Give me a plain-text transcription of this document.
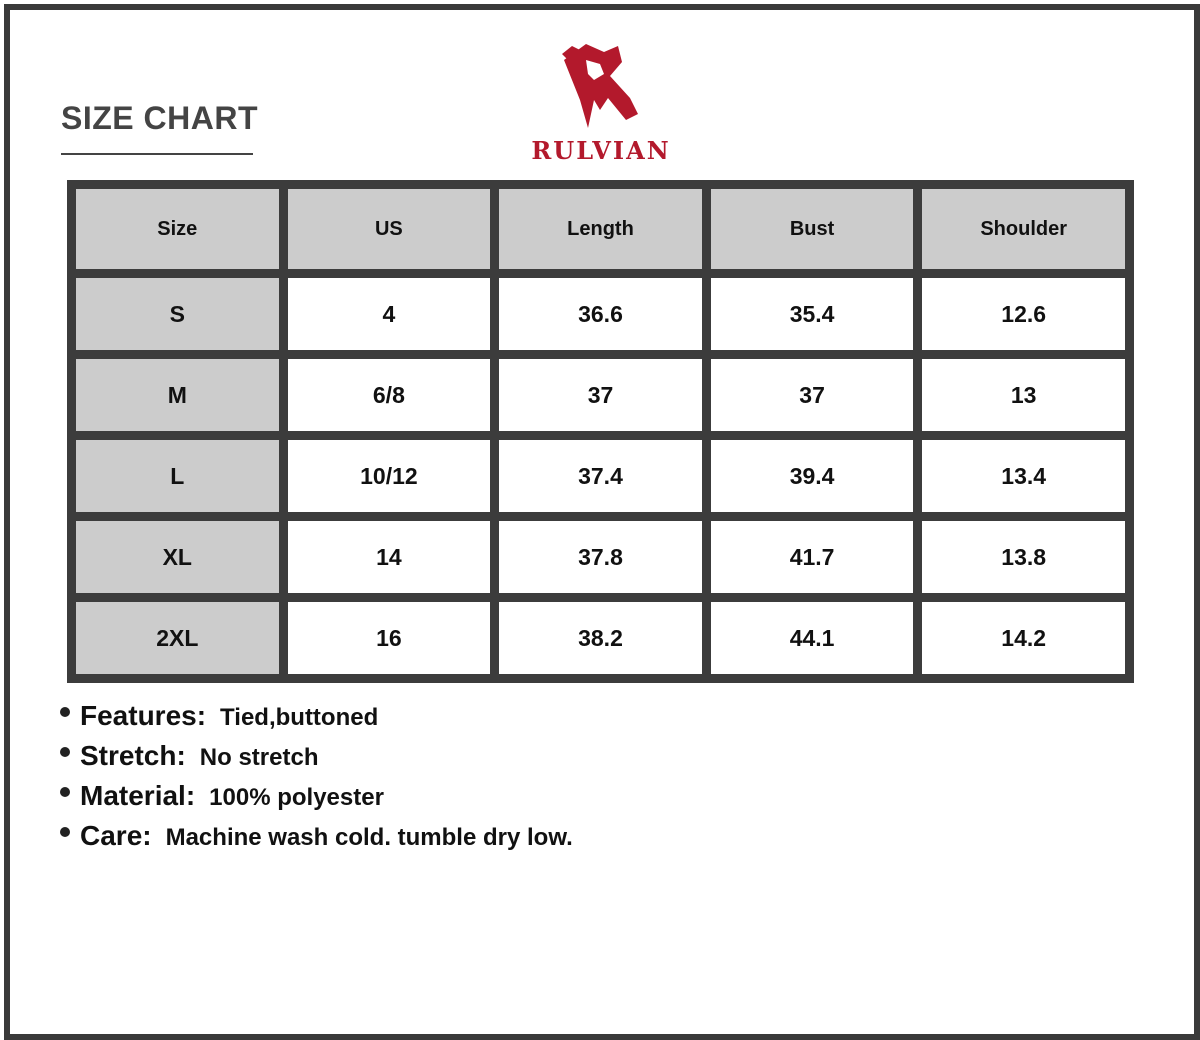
SIZE CHART
RULVIAN
Size	US	Length	Bust	Shoulder
S	4	36.6	35.4	12.6
M	6/8	37	37	13
L	10/12	37.4	39.4	13.4
XL	14	37.8	41.7	13.8
2XL	16	38.2	44.1	14.2
Features: Tied,buttoned
Stretch: No stretch
Material: 100% polyester
Care: Machine wash cold. tumble dry low.
